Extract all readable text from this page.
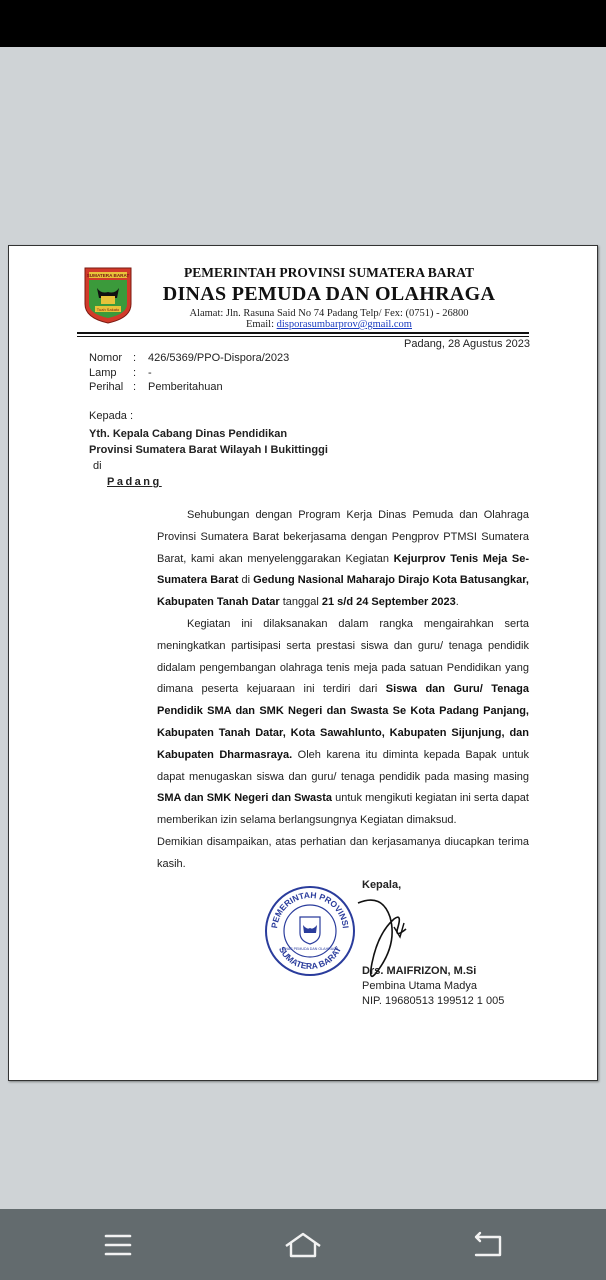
SUMATERA BARAT
Tuah Sakato
PEMERINTAH PROVINSI SUMATERA BARAT
DINAS PEMUDA DAN OLAHRAGA
Alamat: Jln. Rasuna Said No 74 Padang Telp/ Fex: (0751) - 26800
Email: disporasumbarprov@gmail.com
Padang, 28 Agustus 2023
Nomor : 426/5369/PPO-Dispora/2023
Lamp : -
Perihal : Pemberitahuan
Kepada :
Yth. Kepala Cabang Dinas Pendidikan
Provinsi Sumatera Barat Wilayah I Bukittinggi
di
Padang

Sehubungan dengan Program Kerja Dinas Pemuda dan Olahraga Provinsi Sumatera Barat bekerjasama dengan Pengprov PTMSI Sumatera Barat, kami akan menyelenggarakan Kegiatan Kejurprov Tenis Meja Se- Sumatera Barat di Gedung Nasional Maharajo Dirajo Kota Batusangkar, Kabupaten Tanah Datar tanggal 21 s/d 24 September 2023.

Kegiatan ini dilaksanakan dalam rangka mengairahkan serta meningkatkan partisipasi serta prestasi siswa dan guru/ tenaga pendidik didalam pengembangan olahraga tenis meja pada satuan Pendidikan yang dimana peserta kejuaraan ini terdiri dari Siswa dan Guru/ Tenaga Pendidik SMA dan SMK Negeri dan Swasta Se Kota Padang Panjang, Kabupaten Tanah Datar, Kota Sawahlunto, Kabupaten Sijunjung, dan Kabupaten Dharmasraya. Oleh karena itu diminta kepada Bapak untuk dapat menugaskan siswa dan guru/ tenaga pendidik pada masing masing SMA dan SMK Negeri dan Swasta untuk mengikuti kegiatan ini serta dapat memberikan izin selama berlangsungnya Kegiatan dimaksud.

Demikian disampaikan, atas perhatian dan kerjasamanya diucapkan terima kasih.

PEMERINTAH PROVINSI
SUMATERA BARAT
DINAS PEMUDA DAN OLAHRAGA
Kepala,
Drs. MAIFRIZON, M.Si
Pembina Utama Madya
NIP. 19680513 199512 1 005
